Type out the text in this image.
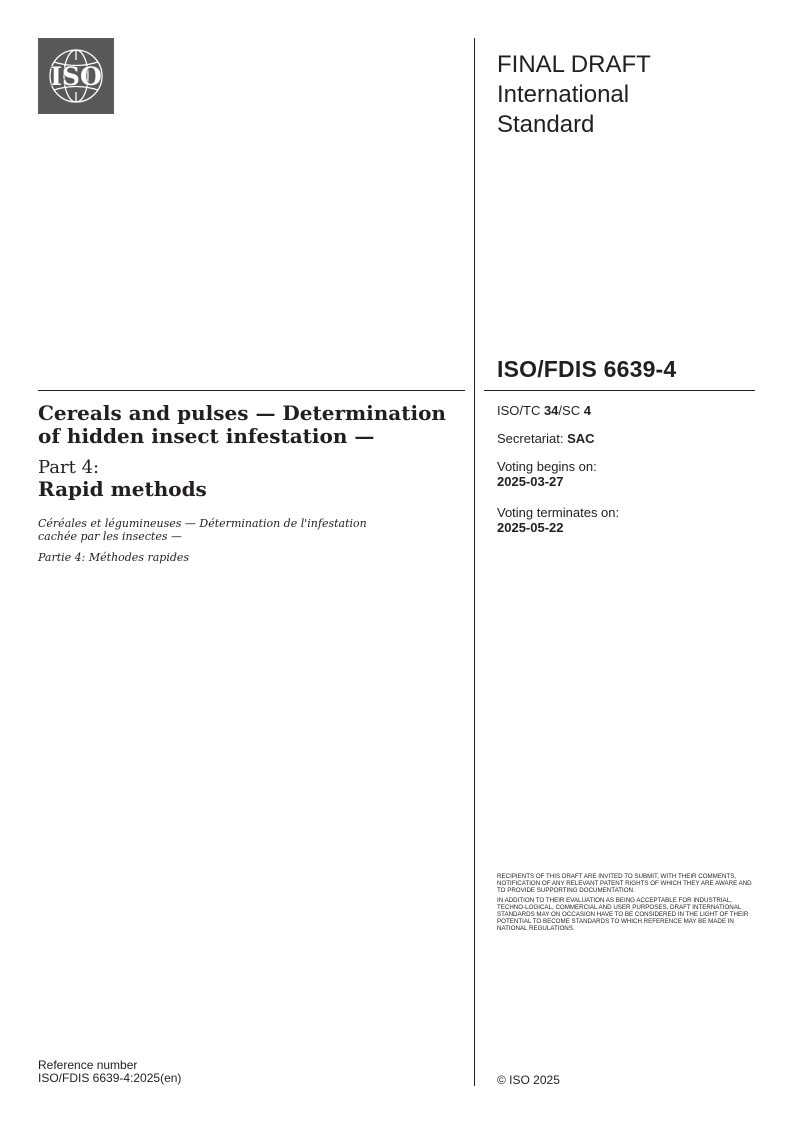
ISO	FINAL DRAFT
International
Standard
ISO/FDIS 6639-4
ISO/TC 34/SC 4
Secretariat: SAC
Voting begins on:
2025-03-27
Voting terminates on:
2025-05-22
Cereals and pulses — Determination of hidden insect infestation —
Part 4:
Rapid methods
Céréales et légumineuses — Détermination de l'infestation cachée par les insectes —
Partie 4: Méthodes rapides

RECIPIENTS OF THIS DRAFT ARE INVITED TO SUBMIT, WITH THEIR COMMENTS, NOTIFICATION OF ANY RELEVANT PATENT RIGHTS OF WHICH THEY ARE AWARE AND TO PROVIDE SUPPORTING DOCUMENTATION.

IN ADDITION TO THEIR EVALUATION AS BEING ACCEPTABLE FOR INDUSTRIAL, TECHNO-LOGICAL, COMMERCIAL AND USER PURPOSES, DRAFT INTERNATIONAL STANDARDS MAY ON OCCASION HAVE TO BE CONSIDERED IN THE LIGHT OF THEIR POTENTIAL TO BECOME STANDARDS TO WHICH REFERENCE MAY BE MADE IN NATIONAL REGULATIONS.

Reference number
ISO/FDIS 6639-4:2025(en)	© ISO 2025
